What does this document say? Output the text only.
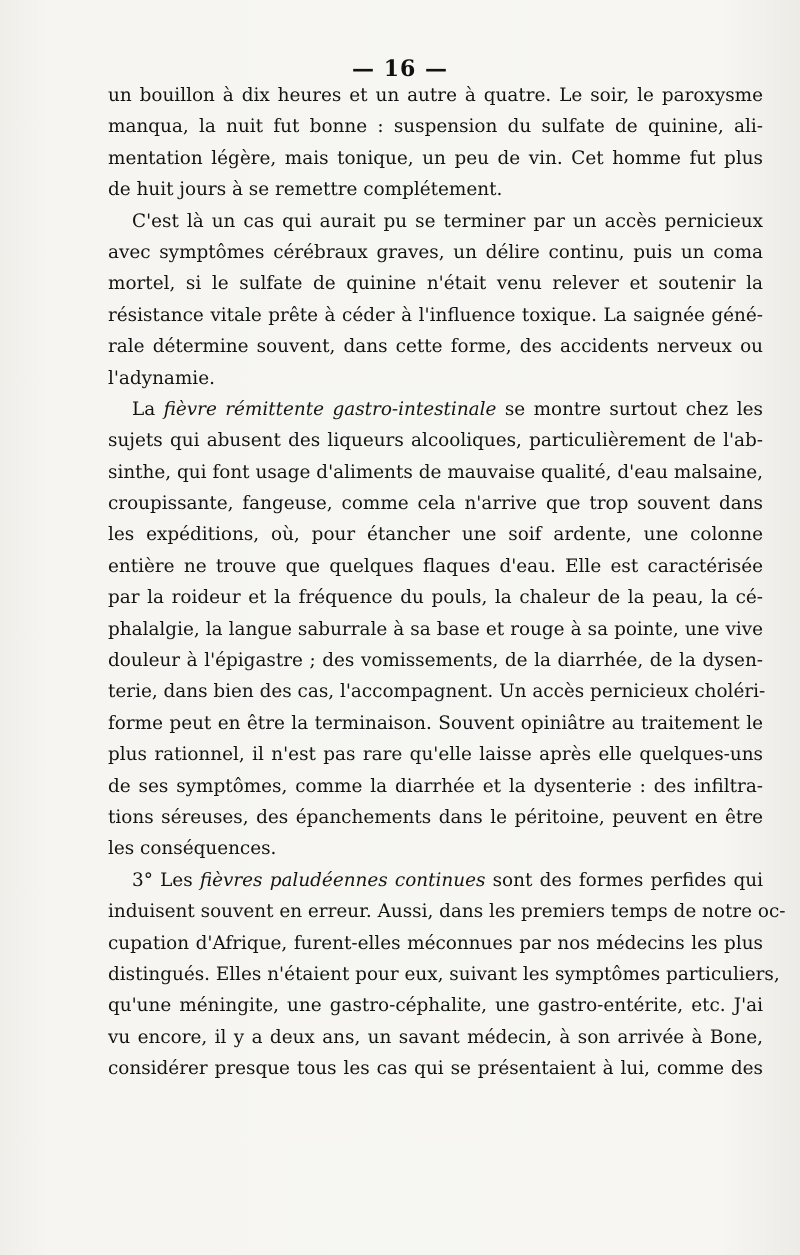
— 16 —
un bouillon à dix heures et un autre à quatre. Le soir, le paroxysme
manqua, la nuit fut bonne : suspension du sulfate de quinine, ali-
mentation légère, mais tonique, un peu de vin. Cet homme fut plus
de huit jours à se remettre complétement.
C'est là un cas qui aurait pu se terminer par un accès pernicieux
avec symptômes cérébraux graves, un délire continu, puis un coma
mortel, si le sulfate de quinine n'était venu relever et soutenir la
résistance vitale prête à céder à l'influence toxique. La saignée géné-
rale détermine souvent, dans cette forme, des accidents nerveux ou
l'adynamie.
La fièvre rémittente gastro-intestinale se montre surtout chez les
sujets qui abusent des liqueurs alcooliques, particulièrement de l'ab-
sinthe, qui font usage d'aliments de mauvaise qualité, d'eau malsaine,
croupissante, fangeuse, comme cela n'arrive que trop souvent dans
les expéditions, où, pour étancher une soif ardente, une colonne
entière ne trouve que quelques flaques d'eau. Elle est caractérisée
par la roideur et la fréquence du pouls, la chaleur de la peau, la cé-
phalalgie, la langue saburrale à sa base et rouge à sa pointe, une vive
douleur à l'épigastre ; des vomissements, de la diarrhée, de la dysen-
terie, dans bien des cas, l'accompagnent. Un accès pernicieux choléri-
forme peut en être la terminaison. Souvent opiniâtre au traitement le
plus rationnel, il n'est pas rare qu'elle laisse après elle quelques-uns
de ses symptômes, comme la diarrhée et la dysenterie : des infiltra-
tions séreuses, des épanchements dans le péritoine, peuvent en être
les conséquences.
3° Les fièvres paludéennes continues sont des formes perfides qui
induisent souvent en erreur. Aussi, dans les premiers temps de notre oc-
cupation d'Afrique, furent-elles méconnues par nos médecins les plus
distingués. Elles n'étaient pour eux, suivant les symptômes particuliers,
qu'une méningite, une gastro-céphalite, une gastro-entérite, etc. J'ai
vu encore, il y a deux ans, un savant médecin, à son arrivée à Bone,
considérer presque tous les cas qui se présentaient à lui, comme des
